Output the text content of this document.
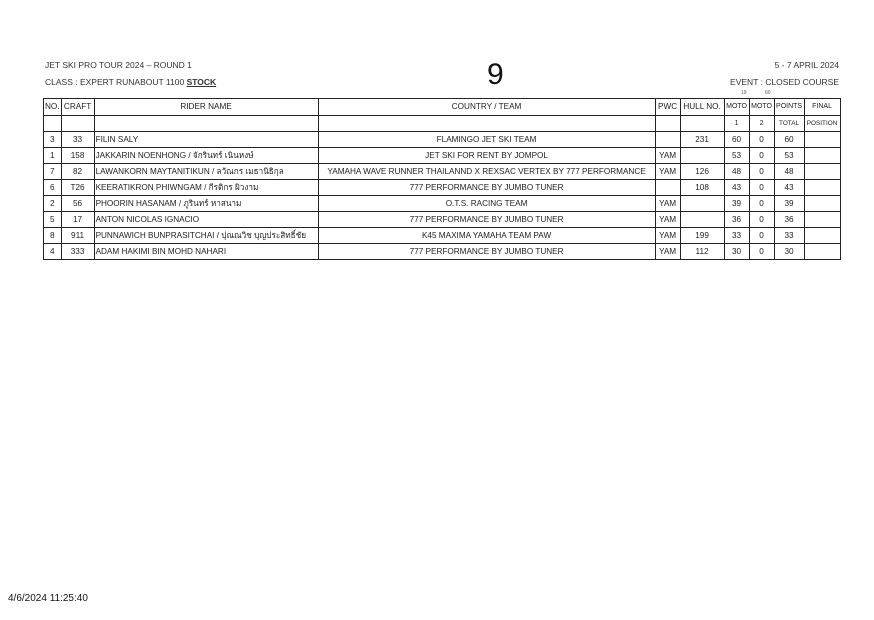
JET SKI PRO TOUR 2024 – ROUND 1
CLASS : EXPERT RUNABOUT 1100 STOCK	9	5 - 7 APRIL 2024
EVENT : CLOSED COURSE
19	60
NO.	CRAFT	RIDER NAME	COUNTRY / TEAM	PWC	HULL NO.	MOTO	MOTO	POINTS	FINAL
						1	2	TOTAL	POSITION
3	33	FILIN SALY	FLAMINGO JET SKI TEAM		231	60	0	60	
1	158	JAKKARIN NOENHONG / จักรินทร์ เนินหงษ์	JET SKI FOR RENT BY JOMPOL	YAM		53	0	53	
7	82	LAWANKORN MAYTANITIKUN / ลวัณกร เมธานิธิกุล	YAMAHA WAVE RUNNER THAILANND X REXSAC VERTEX BY 777 PERFORMANCE	YAM	126	48	0	48	
6	T26	KEERATIKRON PHIWNGAM / กีรติกร ผิวงาม	777 PERFORMANCE BY JUMBO TUNER		108	43	0	43	
2	56	PHOORIN HASANAM / ภูรินทร์ หาสนาม	O.T.S. RACING TEAM	YAM		39	0	39	
5	17	ANTON NICOLAS IGNACIO	777 PERFORMANCE BY JUMBO TUNER	YAM		36	0	36	
8	911	PUNNAWICH BUNPRASITCHAI / ปุณณวิช บุญประสิทธิ์ชัย	K45 MAXIMA YAMAHA TEAM PAW	YAM	199	33	0	33	
4	333	ADAM HAKIMI BIN MOHD NAHARI	777 PERFORMANCE BY JUMBO TUNER	YAM	112	30	0	30	
4/6/2024 11:25:40
